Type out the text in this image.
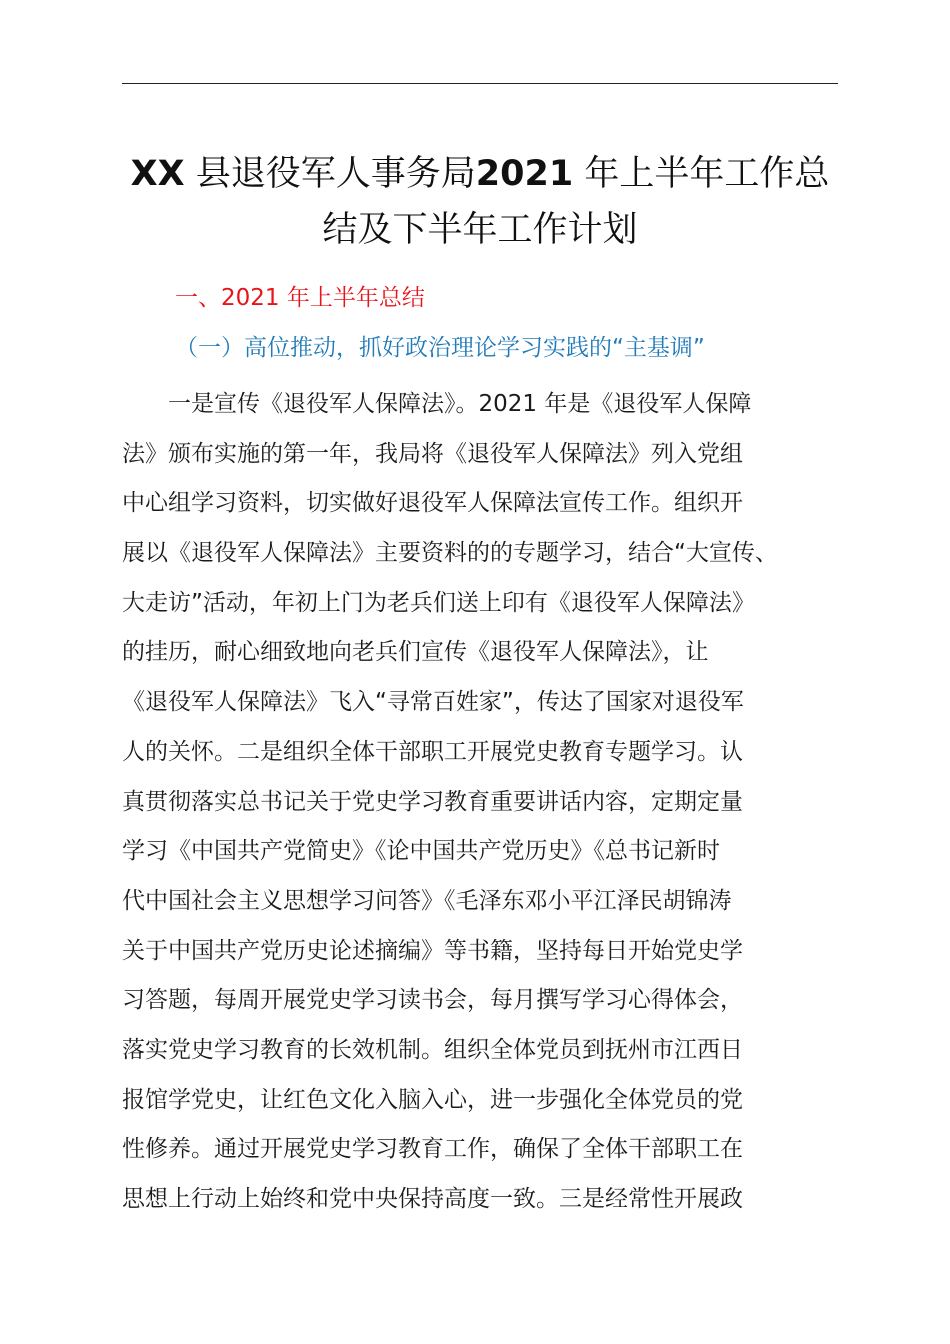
XX 县退役军人事务局2021 年上半年工作总
结及下半年工作计划
一、2021 年上半年总结
（一）高位推动，抓好政治理论学习实践的“主基调”
　　一是宣传《退役军人保障法》。2021 年是《退役军人保障
法》颁布实施的第一年，我局将《退役军人保障法》列入党组
中心组学习资料，切实做好退役军人保障法宣传工作。组织开
展以《退役军人保障法》主要资料的的专题学习，结合“大宣传、
大走访”活动，年初上门为老兵们送上印有《退役军人保障法》
的挂历，耐心细致地向老兵们宣传《退役军人保障法》，让
《退役军人保障法》飞入“寻常百姓家”，传达了国家对退役军
人的关怀。二是组织全体干部职工开展党史教育专题学习。认
真贯彻落实总书记关于党史学习教育重要讲话内容，定期定量
学习《中国共产党简史》《论中国共产党历史》《总书记新时
代中国社会主义思想学习问答》《毛泽东邓小平江泽民胡锦涛
关于中国共产党历史论述摘编》等书籍，坚持每日开始党史学
习答题，每周开展党史学习读书会，每月撰写学习心得体会，
落实党史学习教育的长效机制。组织全体党员到抚州市江西日
报馆学党史，让红色文化入脑入心，进一步强化全体党员的党
性修养。通过开展党史学习教育工作，确保了全体干部职工在
思想上行动上始终和党中央保持高度一致。三是经常性开展政
